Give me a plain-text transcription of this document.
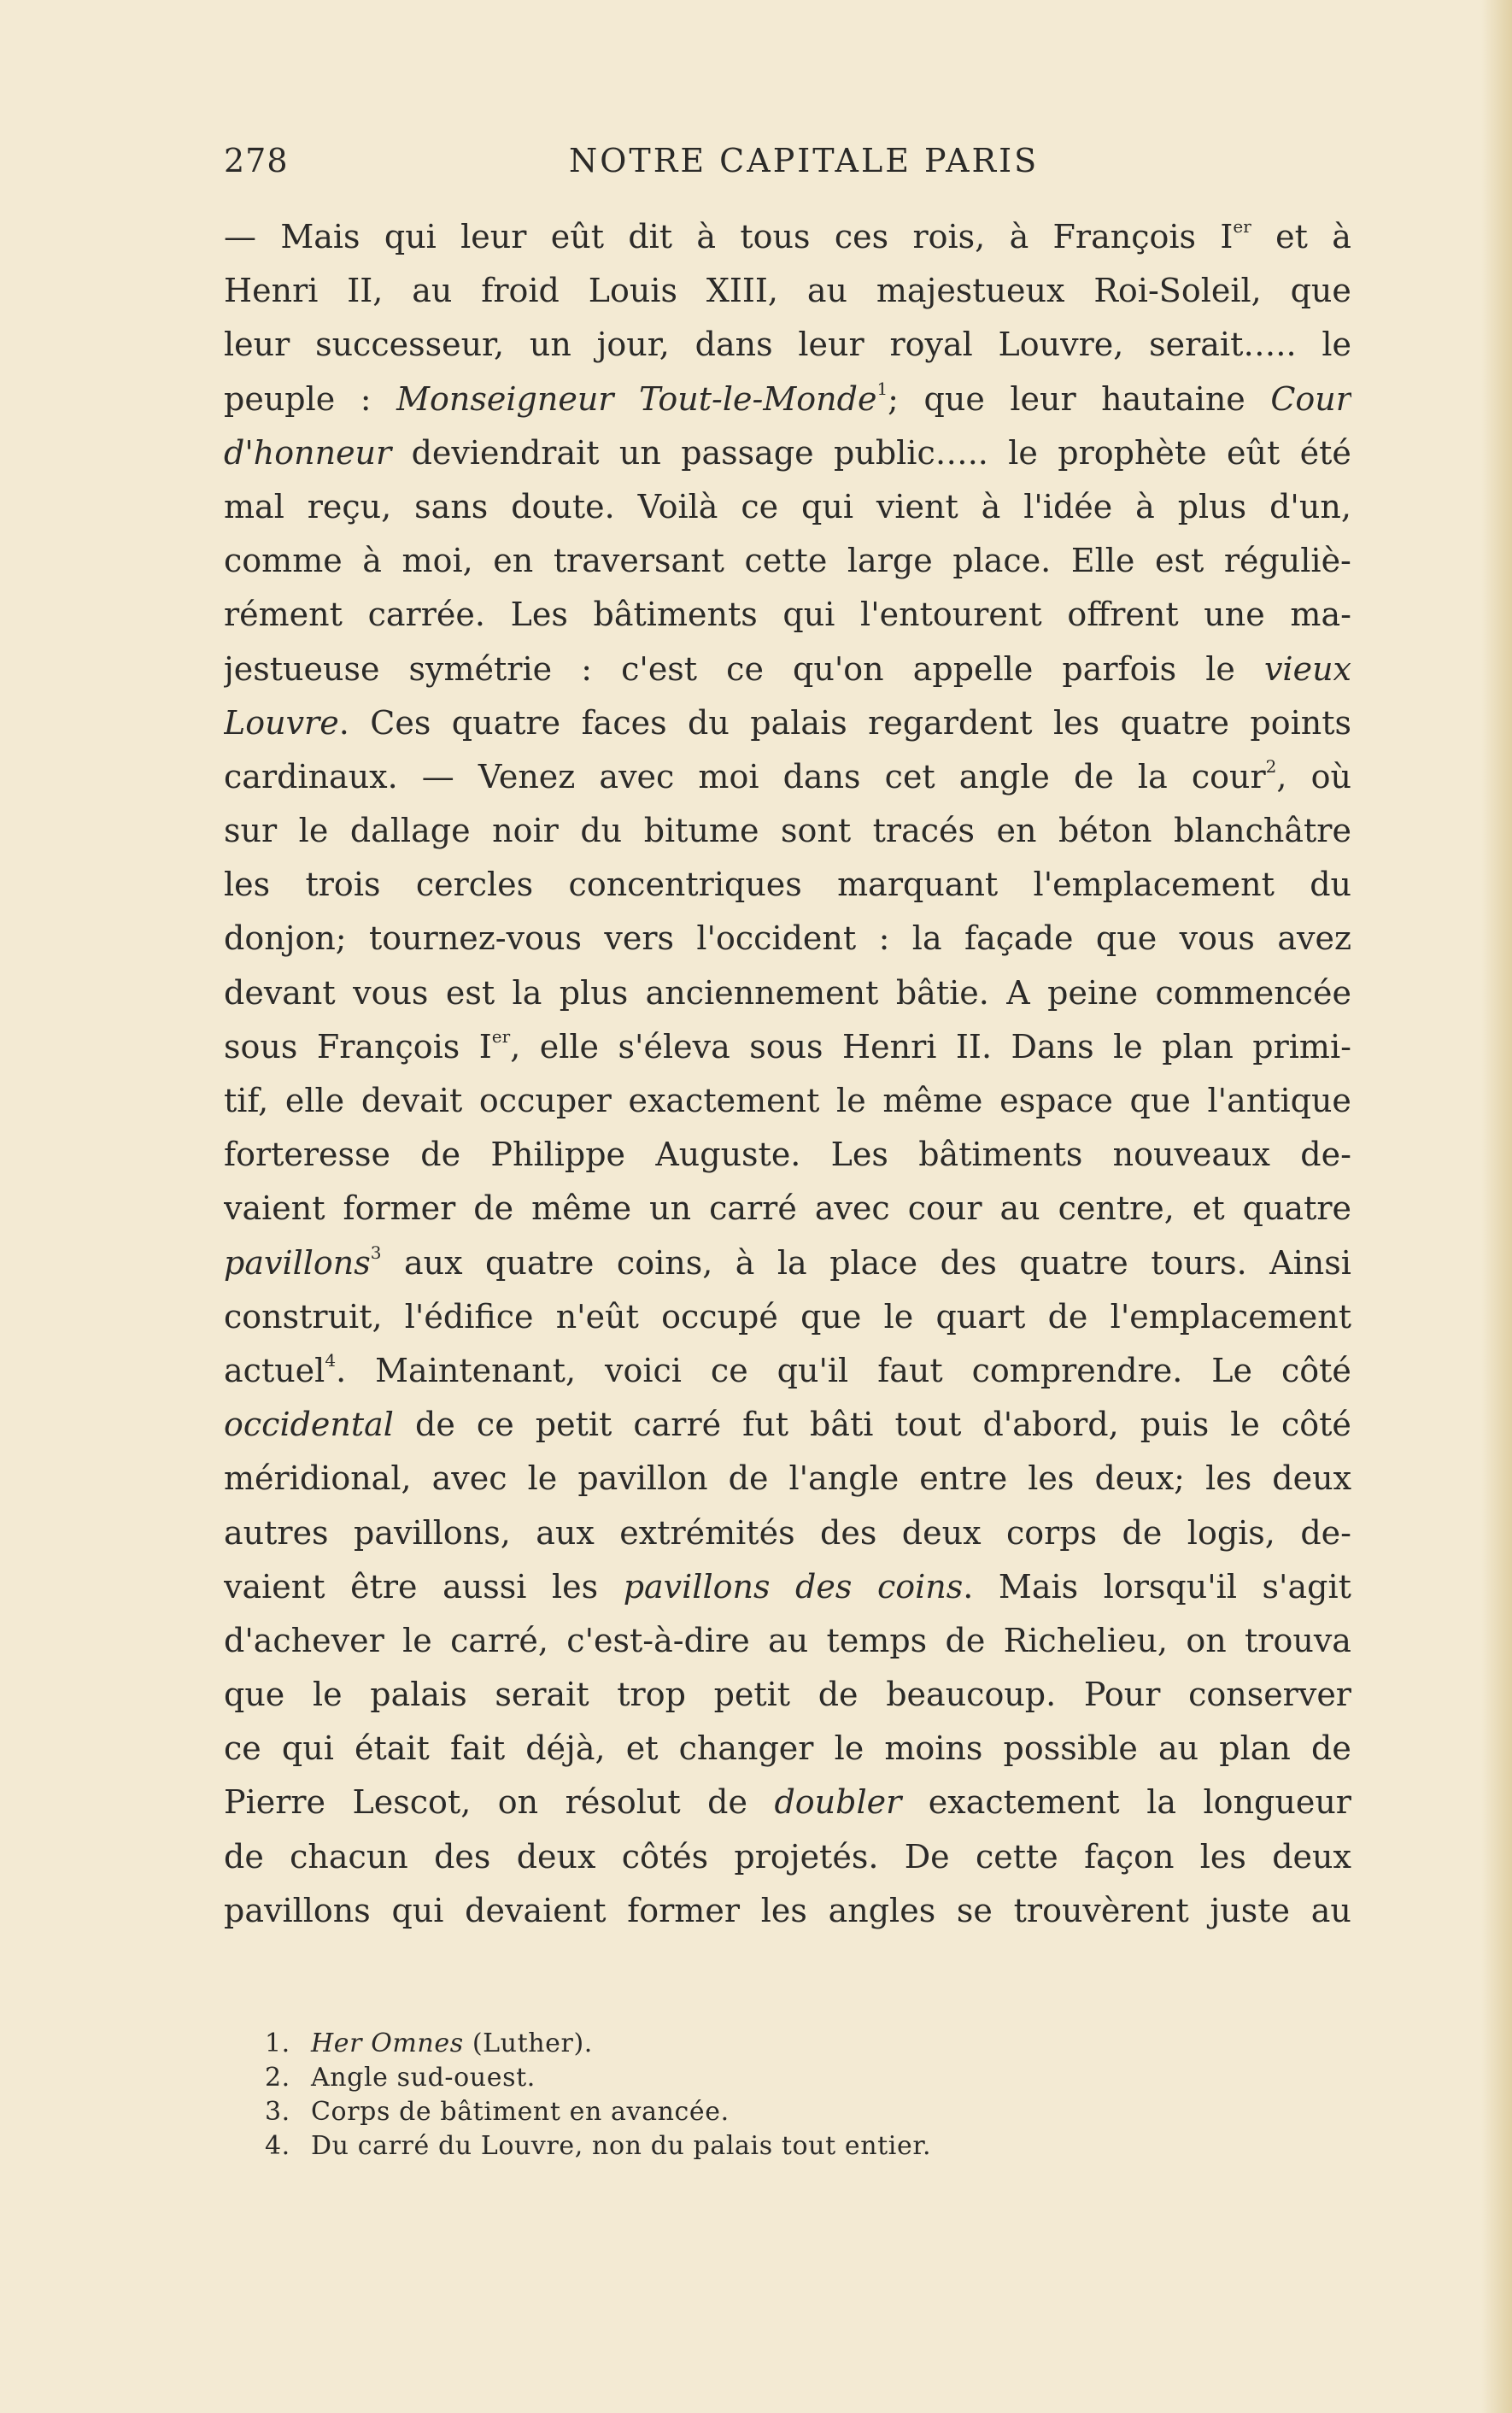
278	NOTRE CAPITALE PARIS
— Mais qui leur eût dit à tous ces rois, à François Ier et à
Henri II, au froid Louis XIII, au majestueux Roi-Soleil, que
leur successeur, un jour, dans leur royal Louvre, serait….. le
peuple : Monseigneur Tout-le-Monde$^1$; que leur hautaine Cour
d'honneur deviendrait un passage public….. le prophète eût été
mal reçu, sans doute. Voilà ce qui vient à l'idée à plus d'un,
comme à moi, en traversant cette large place. Elle est réguliè-
rément carrée. Les bâtiments qui l'entourent offrent une ma-
jestueuse symétrie : c'est ce qu'on appelle parfois le vieux
Louvre. Ces quatre faces du palais regardent les quatre points
cardinaux. — Venez avec moi dans cet angle de la cour$^2$, où
sur le dallage noir du bitume sont tracés en béton blanchâtre
les trois cercles concentriques marquant l'emplacement du
donjon; tournez-vous vers l'occident : la façade que vous avez
devant vous est la plus anciennement bâtie. A peine commencée
sous François Ier, elle s'éleva sous Henri II. Dans le plan primi-
tif, elle devait occuper exactement le même espace que l'antique
forteresse de Philippe Auguste. Les bâtiments nouveaux de-
vaient former de même un carré avec cour au centre, et quatre
pavillons$^3$ aux quatre coins, à la place des quatre tours. Ainsi
construit, l'édifice n'eût occupé que le quart de l'emplacement
actuel$^4$. Maintenant, voici ce qu'il faut comprendre. Le côté
occidental de ce petit carré fut bâti tout d'abord, puis le côté
méridional, avec le pavillon de l'angle entre les deux; les deux
autres pavillons, aux extrémités des deux corps de logis, de-
vaient être aussi les pavillons des coins. Mais lorsqu'il s'agit
d'achever le carré, c'est-à-dire au temps de Richelieu, on trouva
que le palais serait trop petit de beaucoup. Pour conserver
ce qui était fait déjà, et changer le moins possible au plan de
Pierre Lescot, on résolut de doubler exactement la longueur
de chacun des deux côtés projetés. De cette façon les deux
pavillons qui devaient former les angles se trouvèrent juste au
1. Her Omnes (Luther).
2. Angle sud-ouest.
3. Corps de bâtiment en avancée.
4. Du carré du Louvre, non du palais tout entier.
